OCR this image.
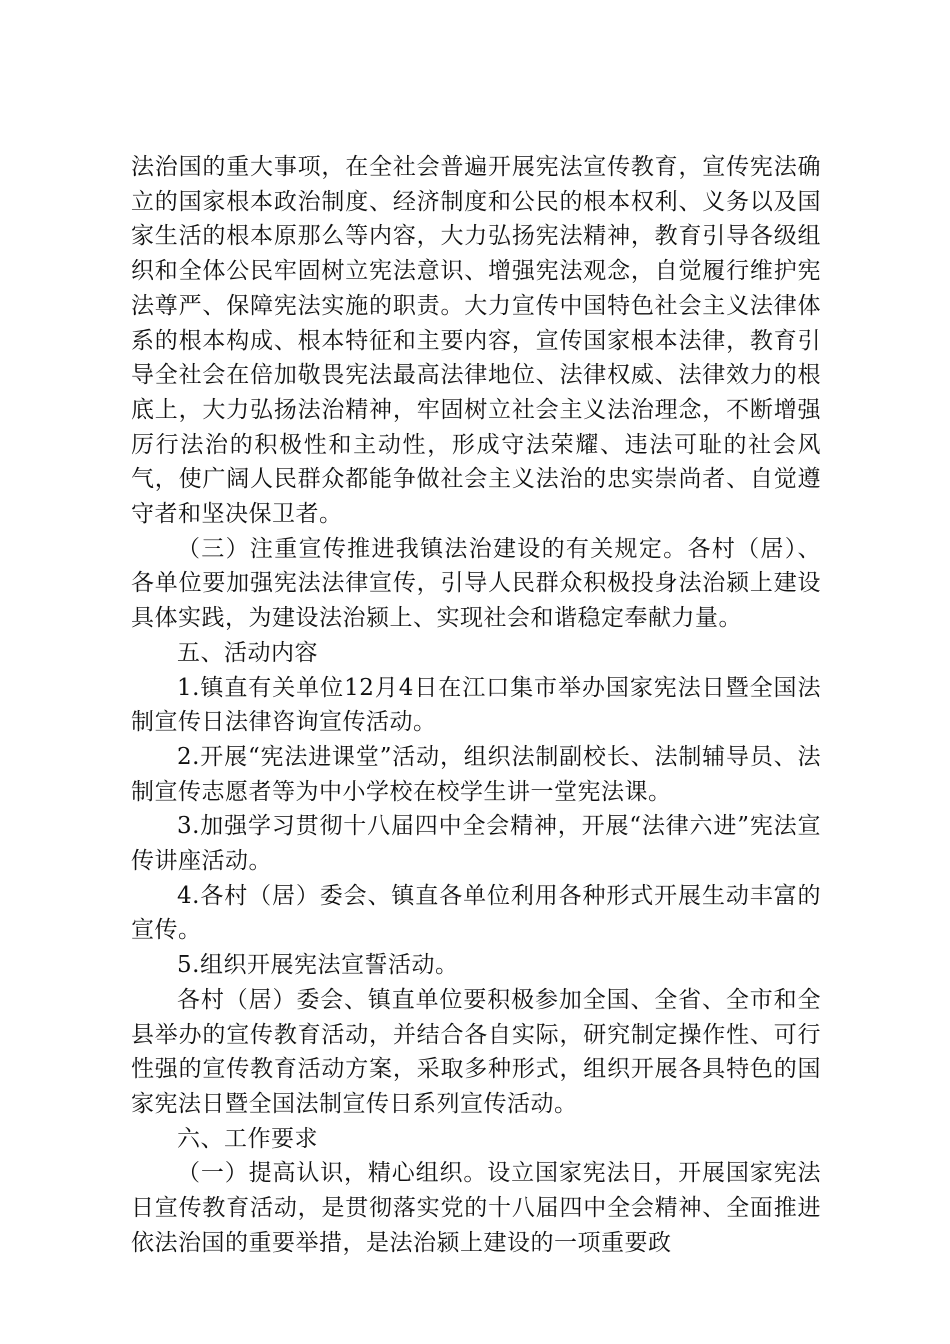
法治国的重大事项，在全社会普遍开展宪法宣传教育，宣传宪法确立的国家根本政治制度、经济制度和公民的根本权利、义务以及国家生活的根本原那么等内容，大力弘扬宪法精神，教育引导各级组织和全体公民牢固树立宪法意识、增强宪法观念，自觉履行维护宪法尊严、保障宪法实施的职责。大力宣传中国特色社会主义法律体系的根本构成、根本特征和主要内容，宣传国家根本法律，教育引导全社会在倍加敬畏宪法最高法律地位、法律权威、法律效力的根底上，大力弘扬法治精神，牢固树立社会主义法治理念，不断增强厉行法治的积极性和主动性，形成守法荣耀、违法可耻的社会风气，使广阔人民群众都能争做社会主义法治的忠实崇尚者、自觉遵守者和坚决保卫者。

（三）注重宣传推进我镇法治建设的有关规定。各村（居）、各单位要加强宪法法律宣传，引导人民群众积极投身法治颍上建设具体实践，为建设法治颍上、实现社会和谐稳定奉献力量。

五、活动内容

1.镇直有关单位12月4日在江口集市举办国家宪法日暨全国法制宣传日法律咨询宣传活动。

2.开展“宪法进课堂”活动，组织法制副校长、法制辅导员、法制宣传志愿者等为中小学校在校学生讲一堂宪法课。

3.加强学习贯彻十八届四中全会精神，开展“法律六进”宪法宣传讲座活动。

4.各村（居）委会、镇直各单位利用各种形式开展生动丰富的宣传。

5.组织开展宪法宣誓活动。

各村（居）委会、镇直单位要积极参加全国、全省、全市和全县举办的宣传教育活动，并结合各自实际，研究制定操作性、可行性强的宣传教育活动方案，采取多种形式，组织开展各具特色的国家宪法日暨全国法制宣传日系列宣传活动。

六、工作要求

（一）提高认识，精心组织。设立国家宪法日，开展国家宪法日宣传教育活动，是贯彻落实党的十八届四中全会精神、全面推进依法治国的重要举措，是法治颍上建设的一项重要政
